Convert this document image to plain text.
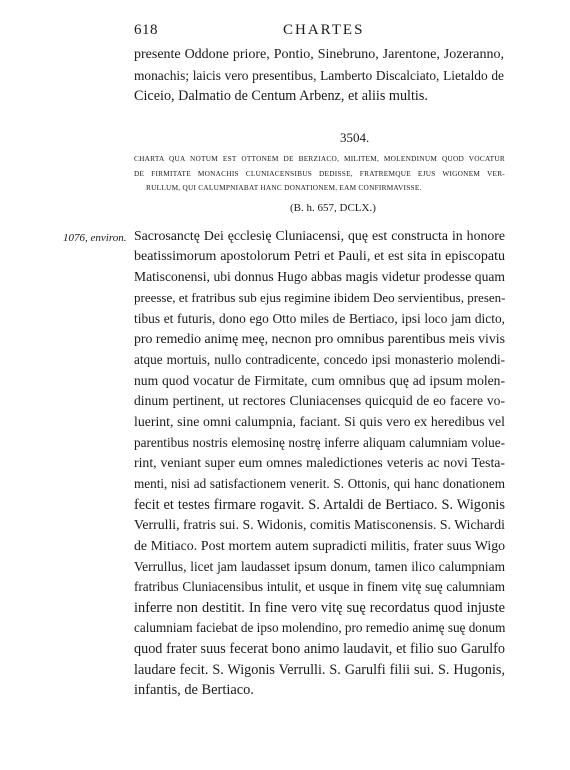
618	CHARTES
presente Oddone priore, Pontio, Sinebruno, Jarentone, Jozeranno,
monachis; laicis vero presentibus, Lamberto Discalciato, Lietaldo de
Ciceio, Dalmatio de Centum Arbenz, et aliis multis.
3504.
CHARTA QUA NOTUM EST OTTONEM DE BERZIACO, MILITEM, MOLENDINUM QUOD VOCATUR
DE FIRMITATE MONACHIS CLUNIACENSIBUS DEDISSE, FRATREMQUE EJUS WIGONEM VER-
RULLUM, QUI CALUMPNIABAT HANC DONATIONEM, EAM CONFIRMAVISSE.
(B. h. 657, DCLX.)
1076, environ. Sacrosanctę Dei ęcclesię Cluniacensi, quę est constructa in honore
beatissimorum apostolorum Petri et Pauli, et est sita in episcopatu
Matisconensi, ubi donnus Hugo abbas magis videtur prodesse quam
preesse, et fratribus sub ejus regimine ibidem Deo servientibus, presen-
tibus et futuris, dono ego Otto miles de Bertiaco, ipsi loco jam dicto,
pro remedio animę meę, necnon pro omnibus parentibus meis vivis
atque mortuis, nullo contradicente, concedo ipsi monasterio molendi-
num quod vocatur de Firmitate, cum omnibus quę ad ipsum molen-
dinum pertinent, ut rectores Cluniacenses quicquid de eo facere vo-
luerint, sine omni calumpnia, faciant. Si quis vero ex heredibus vel
parentibus nostris elemosinę nostrę inferre aliquam calumniam volue-
rint, veniant super eum omnes maledictiones veteris ac novi Testa-
menti, nisi ad satisfactionem venerit. S. Ottonis, qui hanc donationem
fecit et testes firmare rogavit. S. Artaldi de Bertiaco. S. Wigonis
Verrulli, fratris sui. S. Widonis, comitis Matisconensis. S. Wichardi
de Mitiaco. Post mortem autem supradicti militis, frater suus Wigo
Verrullus, licet jam laudasset ipsum donum, tamen ilico calumpniam
fratribus Cluniacensibus intulit, et usque in finem vitę suę calumniam
inferre non destitit. In fine vero vitę suę recordatus quod injuste
calumniam faciebat de ipso molendino, pro remedio animę suę donum
quod frater suus fecerat bono animo laudavit, et filio suo Garulfo
laudare fecit. S. Wigonis Verrulli. S. Garulfi filii sui. S. Hugonis,
infantis, de Bertiaco.
